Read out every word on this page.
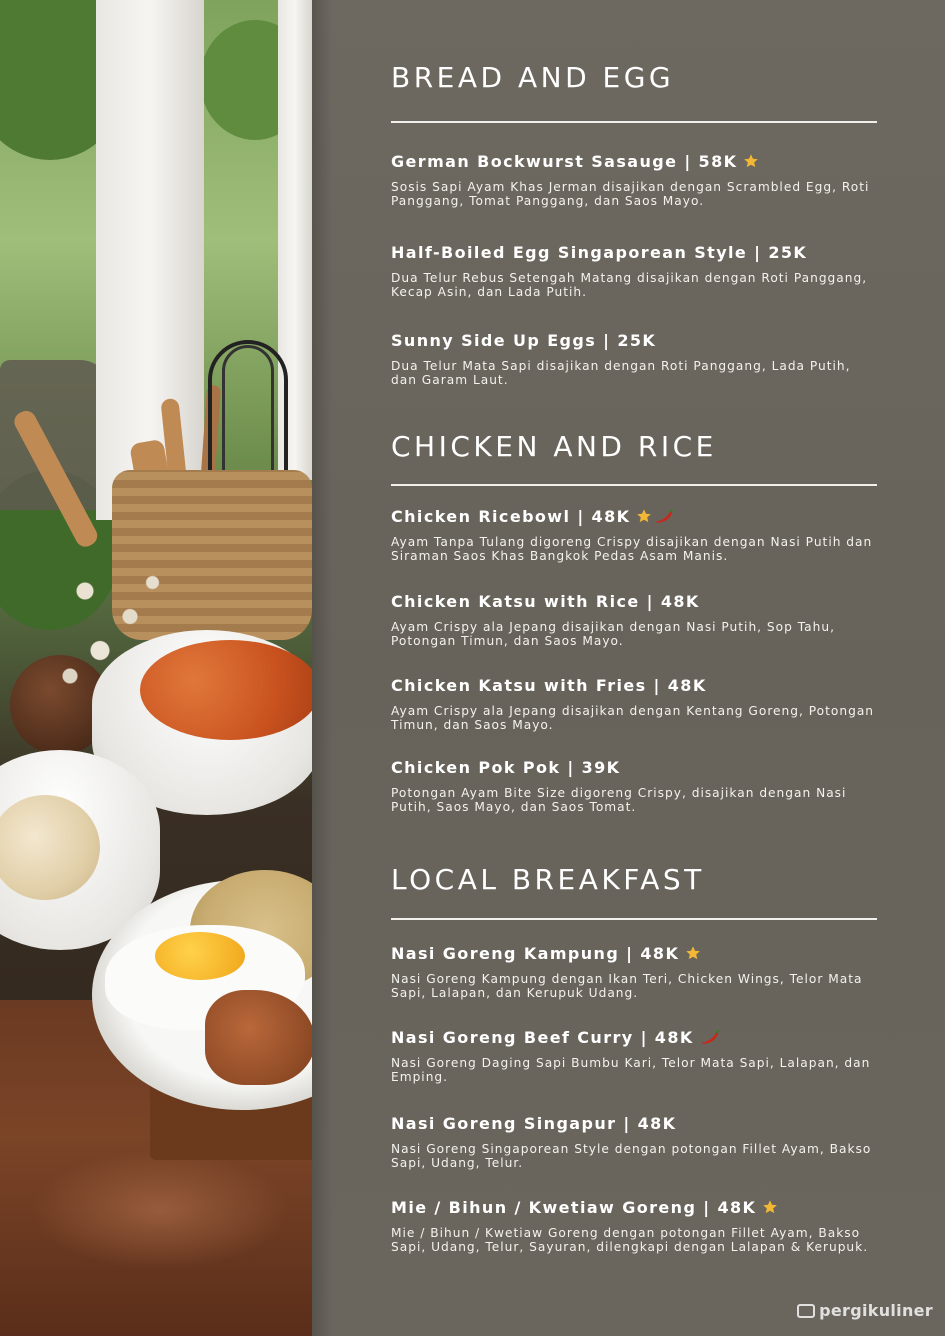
BREAD AND EGG
German Bockwurst Sasauge | 58K
Sosis Sapi Ayam Khas Jerman disajikan dengan Scrambled Egg, Roti Panggang, Tomat Panggang, dan Saos Mayo.
Half-Boiled Egg Singaporean Style | 25K
Dua Telur Rebus Setengah Matang disajikan dengan Roti Panggang, Kecap Asin, dan Lada Putih.
Sunny Side Up Eggs | 25K
Dua Telur Mata Sapi disajikan dengan Roti Panggang, Lada Putih, dan Garam Laut.
CHICKEN AND RICE
Chicken Ricebowl | 48K
Ayam Tanpa Tulang digoreng Crispy disajikan dengan Nasi Putih dan Siraman Saos Khas Bangkok Pedas Asam Manis.
Chicken Katsu with Rice | 48K
Ayam Crispy ala Jepang disajikan dengan Nasi Putih, Sop Tahu, Potongan Timun, dan Saos Mayo.
Chicken Katsu with Fries | 48K
Ayam Crispy ala Jepang disajikan dengan Kentang Goreng, Potongan Timun, dan Saos Mayo.
Chicken Pok Pok | 39K
Potongan Ayam Bite Size digoreng Crispy, disajikan dengan Nasi Putih, Saos Mayo, dan Saos Tomat.
LOCAL BREAKFAST
Nasi Goreng Kampung | 48K
Nasi Goreng Kampung dengan Ikan Teri, Chicken Wings, Telor Mata Sapi, Lalapan, dan Kerupuk Udang.
Nasi Goreng Beef Curry | 48K
Nasi Goreng Daging Sapi Bumbu Kari, Telor Mata Sapi, Lalapan, dan Emping.
Nasi Goreng Singapur | 48K
Nasi Goreng Singaporean Style dengan potongan Fillet Ayam, Bakso Sapi, Udang, Telur.
Mie / Bihun / Kwetiaw Goreng | 48K
Mie / Bihun / Kwetiaw Goreng dengan potongan Fillet Ayam, Bakso Sapi, Udang, Telur, Sayuran, dilengkapi dengan Lalapan & Kerupuk.
pergikuliner
